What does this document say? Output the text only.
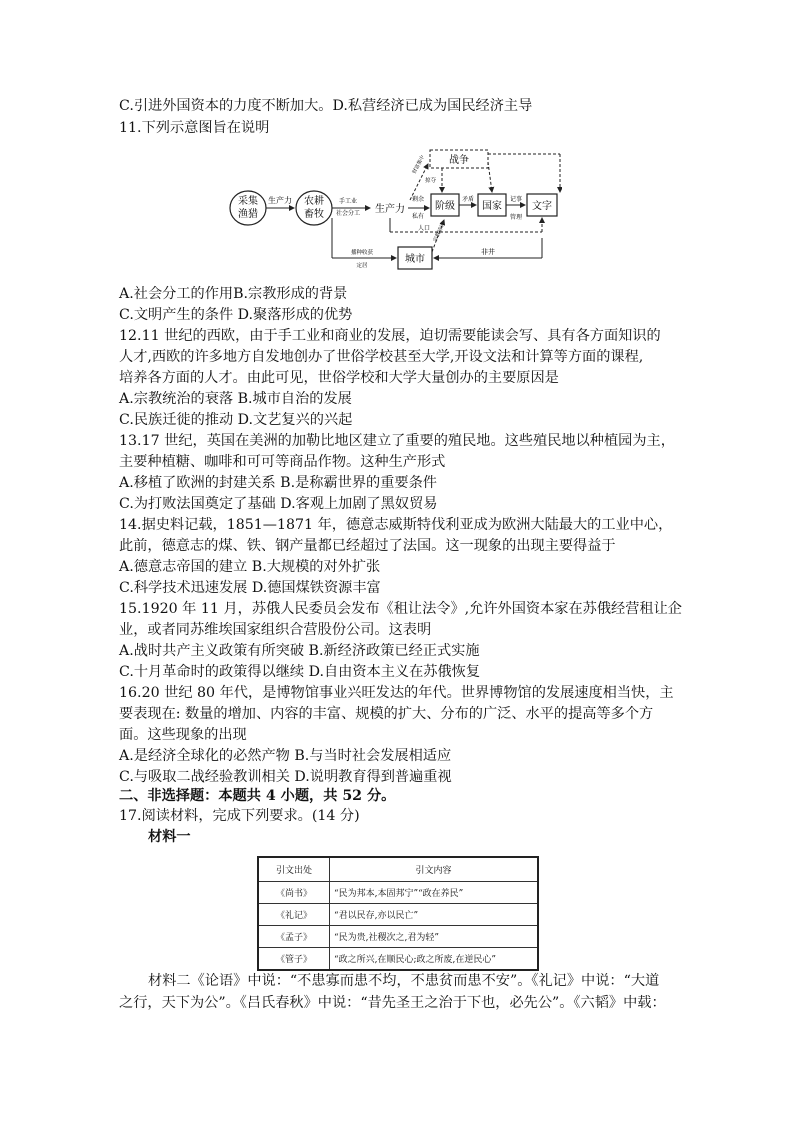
C.引进外国资本的力度不断加大。D.私营经济已成为国民经济主导
11.下列示意图旨在说明
采集
渔猎
农耕
畜牧
生产力	手工业
社会分工 生产力	阶级
剩余
私有
国家
矛盾
文字
记事
管理
战争
掠夺
财富集中
人口
城市
播种收获
定居
宗教活动
非井
A.社会分工的作用B.宗教形成的背景
C.文明产生的条件 D.聚落形成的优势
12.11 世纪的西欧，由于手工业和商业的发展，迫切需要能读会写、具有各方面知识的
人才,西欧的许多地方自发地创办了世俗学校甚至大学,开设文法和计算等方面的课程,
培养各方面的人才。由此可见，世俗学校和大学大量创办的主要原因是
A.宗教统治的衰落 B.城市自治的发展
C.民族迁徙的推动 D.文艺复兴的兴起
13.17 世纪，英国在美洲的加勒比地区建立了重要的殖民地。这些殖民地以种植园为主，
主要种植糖、咖啡和可可等商品作物。这种生产形式
A.移植了欧洲的封建关系 B.是称霸世界的重要条件
C.为打败法国奠定了基础 D.客观上加剧了黑奴贸易
14.据史料记载，1851—1871 年，德意志威斯特伐利亚成为欧洲大陆最大的工业中心，
此前，德意志的煤、铁、钢产量都已经超过了法国。这一现象的出现主要得益于
A.德意志帝国的建立 B.大规模的对外扩张
C.科学技术迅速发展 D.德国煤铁资源丰富
15.1920 年 11 月，苏俄人民委员会发布《租让法令》,允许外国资本家在苏俄经营租让企
业，或者同苏维埃国家组织合营股份公司。这表明
A.战时共产主义政策有所突破 B.新经济政策已经正式实施
C.十月革命时的政策得以继续 D.自由资本主义在苏俄恢复
16.20 世纪 80 年代，是博物馆事业兴旺发达的年代。世界博物馆的发展速度相当快，主
要表现在: 数量的增加、内容的丰富、规模的扩大、分布的广泛、水平的提高等多个方
面。这些现象的出现
A.是经济全球化的必然产物 B.与当时社会发展相适应
C.与吸取二战经验教训相关 D.说明教育得到普遍重视
二、非选择题：本题共 4 小题，共 52 分。
17.阅读材料，完成下列要求。(14 分)
材料一
引文出处	引文内容
《尚书》	“民为邦本,本固邦宁”“政在养民”
《礼记》	“君以民存,亦以民亡”
《孟子》	“民为贵,社稷次之,君为轻”
《管子》	“政之所兴,在顺民心;政之所废,在逆民心”
材料二《论语》中说：“不患寡而患不均，不患贫而患不安”。《礼记》中说：“大道
之行，天下为公”。《吕氏春秋》中说：“昔先圣王之治于下也，必先公”。《六韬》中载：
